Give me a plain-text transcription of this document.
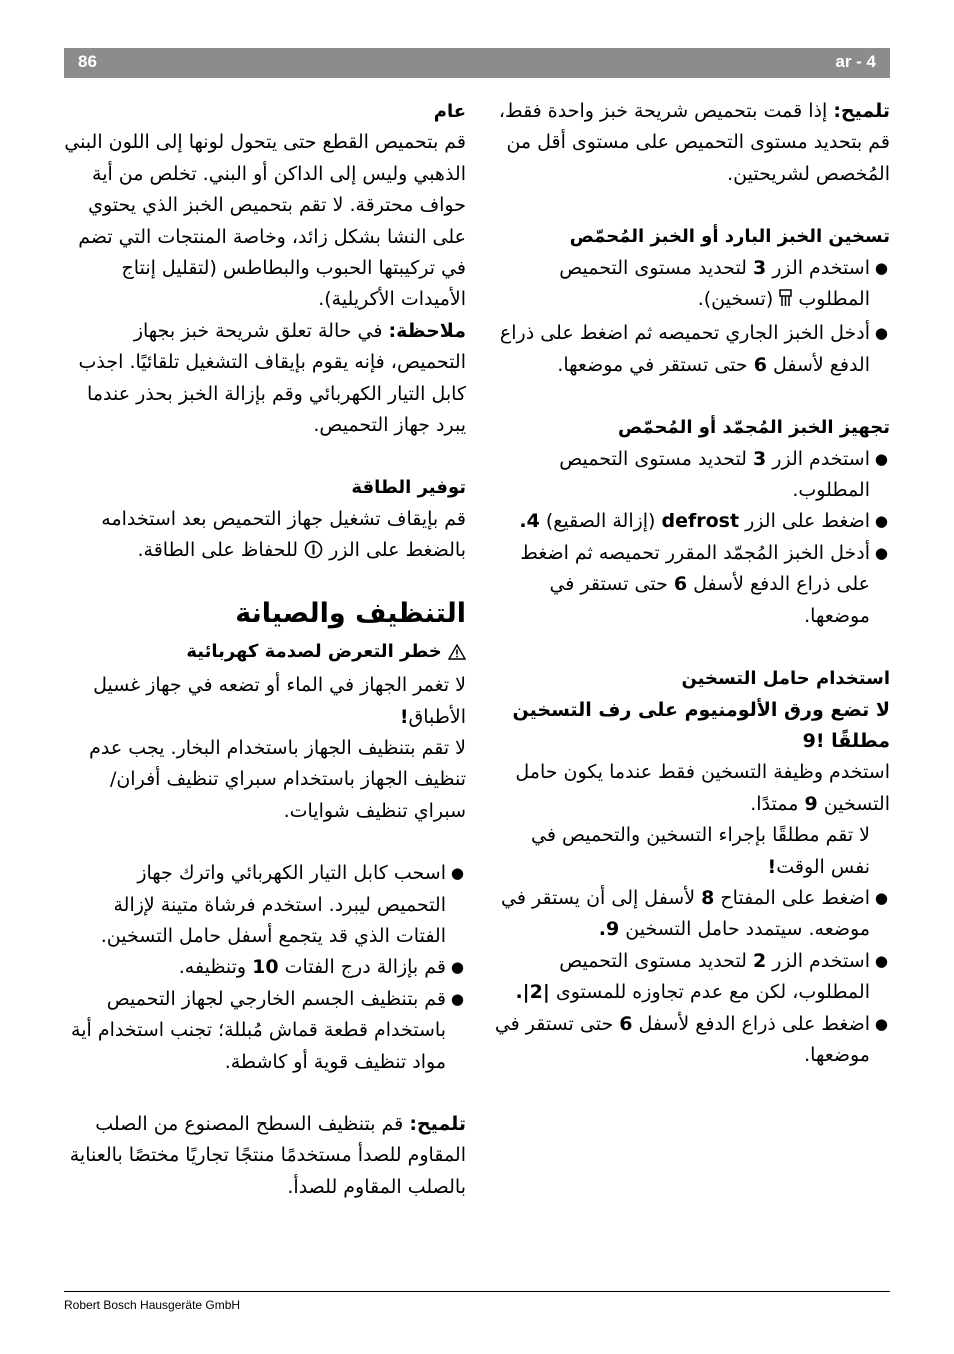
86	ar - 4

تلميح: إذا قمت بتحميص شريحة خبز واحدة فقط، قم بتحديد مستوى التحميص على مستوى أقل من المُخصص لشريحتين.

تسخين الخبز البارد أو الخبز المُحمّص
●
استخدم الزر 3 لتحديد مستوى التحميص المطلوب  (تسخين).
●
أدخل الخبز الجاري تحميصه ثم اضغط على ذراع الدفع لأسفل 6 حتى تستقر في موضعها.
تجهيز الخبز المُجمّد أو المُحمّص
●
استخدم الزر 3 لتحديد مستوى التحميص المطلوب.
●
اضغط على الزر defrost (إزالة الصقيع) 4.
●
أدخل الخبز المُجمّد المقرر تحميصه ثم اضغط على ذراع الدفع لأسفل 6 حتى تستقر في موضعها.
استخدام حامل التسخين

لا تضع ورق الألومنيوم على رف التسخين مطلقًا !9

استخدم وظيفة التسخين فقط عندما يكون حامل التسخين 9 ممتدًا.

لا تقم مطلقًا بإجراء التسخين والتحميص في نفس الوقت!

●
اضغط على المفتاح 8 لأسفل إلى أن يستقر في موضعه. سيتمدد حامل التسخين 9.
●
استخدم الزر 2 لتحديد مستوى التحميص المطلوب، لكن مع عدم تجاوزه للمستوى |2|.
●
اضغط على ذراع الدفع لأسفل 6 حتى تستقر في موضعها.
عام

قم بتحميص القطع حتى يتحول لونها إلى اللون البني الذهبي وليس إلى الداكن أو البني. تخلص من أية حواف محترقة. لا تقم بتحميص الخبز الذي يحتوي على النشا بشكل زائد، وخاصة المنتجات التي تضم في تركيبتها الحبوب والبطاطس (لتقليل إنتاج الأميدات الأكريلية).

ملاحظة: في حالة تعلق شريحة خبز بجهاز التحميص، فإنه يقوم بإيقاف التشغيل تلقائيًا. اجذب كابل التيار الكهربائي وقم بإزالة الخبز بحذر عندما يبرد جهاز التحميص.

توفير الطاقة

قم بإيقاف تشغيل جهاز التحميص بعد استخدامه بالضغط على الزر  للحفاظ على الطاقة.

التنظيف والصيانة
خطر التعرض لصدمة كهربائية

لا تغمر الجهاز في الماء أو تضعه في جهاز غسيل الأطباق!

لا تقم بتنظيف الجهاز باستخدام البخار. يجب عدم تنظيف الجهاز باستخدام سبراي تنظيف أفران/سبراي تنظيف شوايات.

●
اسحب كابل التيار الكهربائي واترك جهاز التحميص ليبرد. استخدم فرشاة متينة لإزالة الفتات الذي قد يتجمع أسفل حامل التسخين.
●
قم بإزالة درج الفتات 10 وتنظيفه.
●
قم بتنظيف الجسم الخارجي لجهاز التحميص باستخدام قطعة قماش مُبللة؛ تجنب استخدام أية مواد تنظيف قوية أو كاشطة.

تلميح: قم بتنظيف السطح المصنوع من الصلب المقاوم للصدأ مستخدمًا منتجًا تجاريًا مختصًا بالعناية بالصلب المقاوم للصدأ.

Robert Bosch Hausgeräte GmbH
